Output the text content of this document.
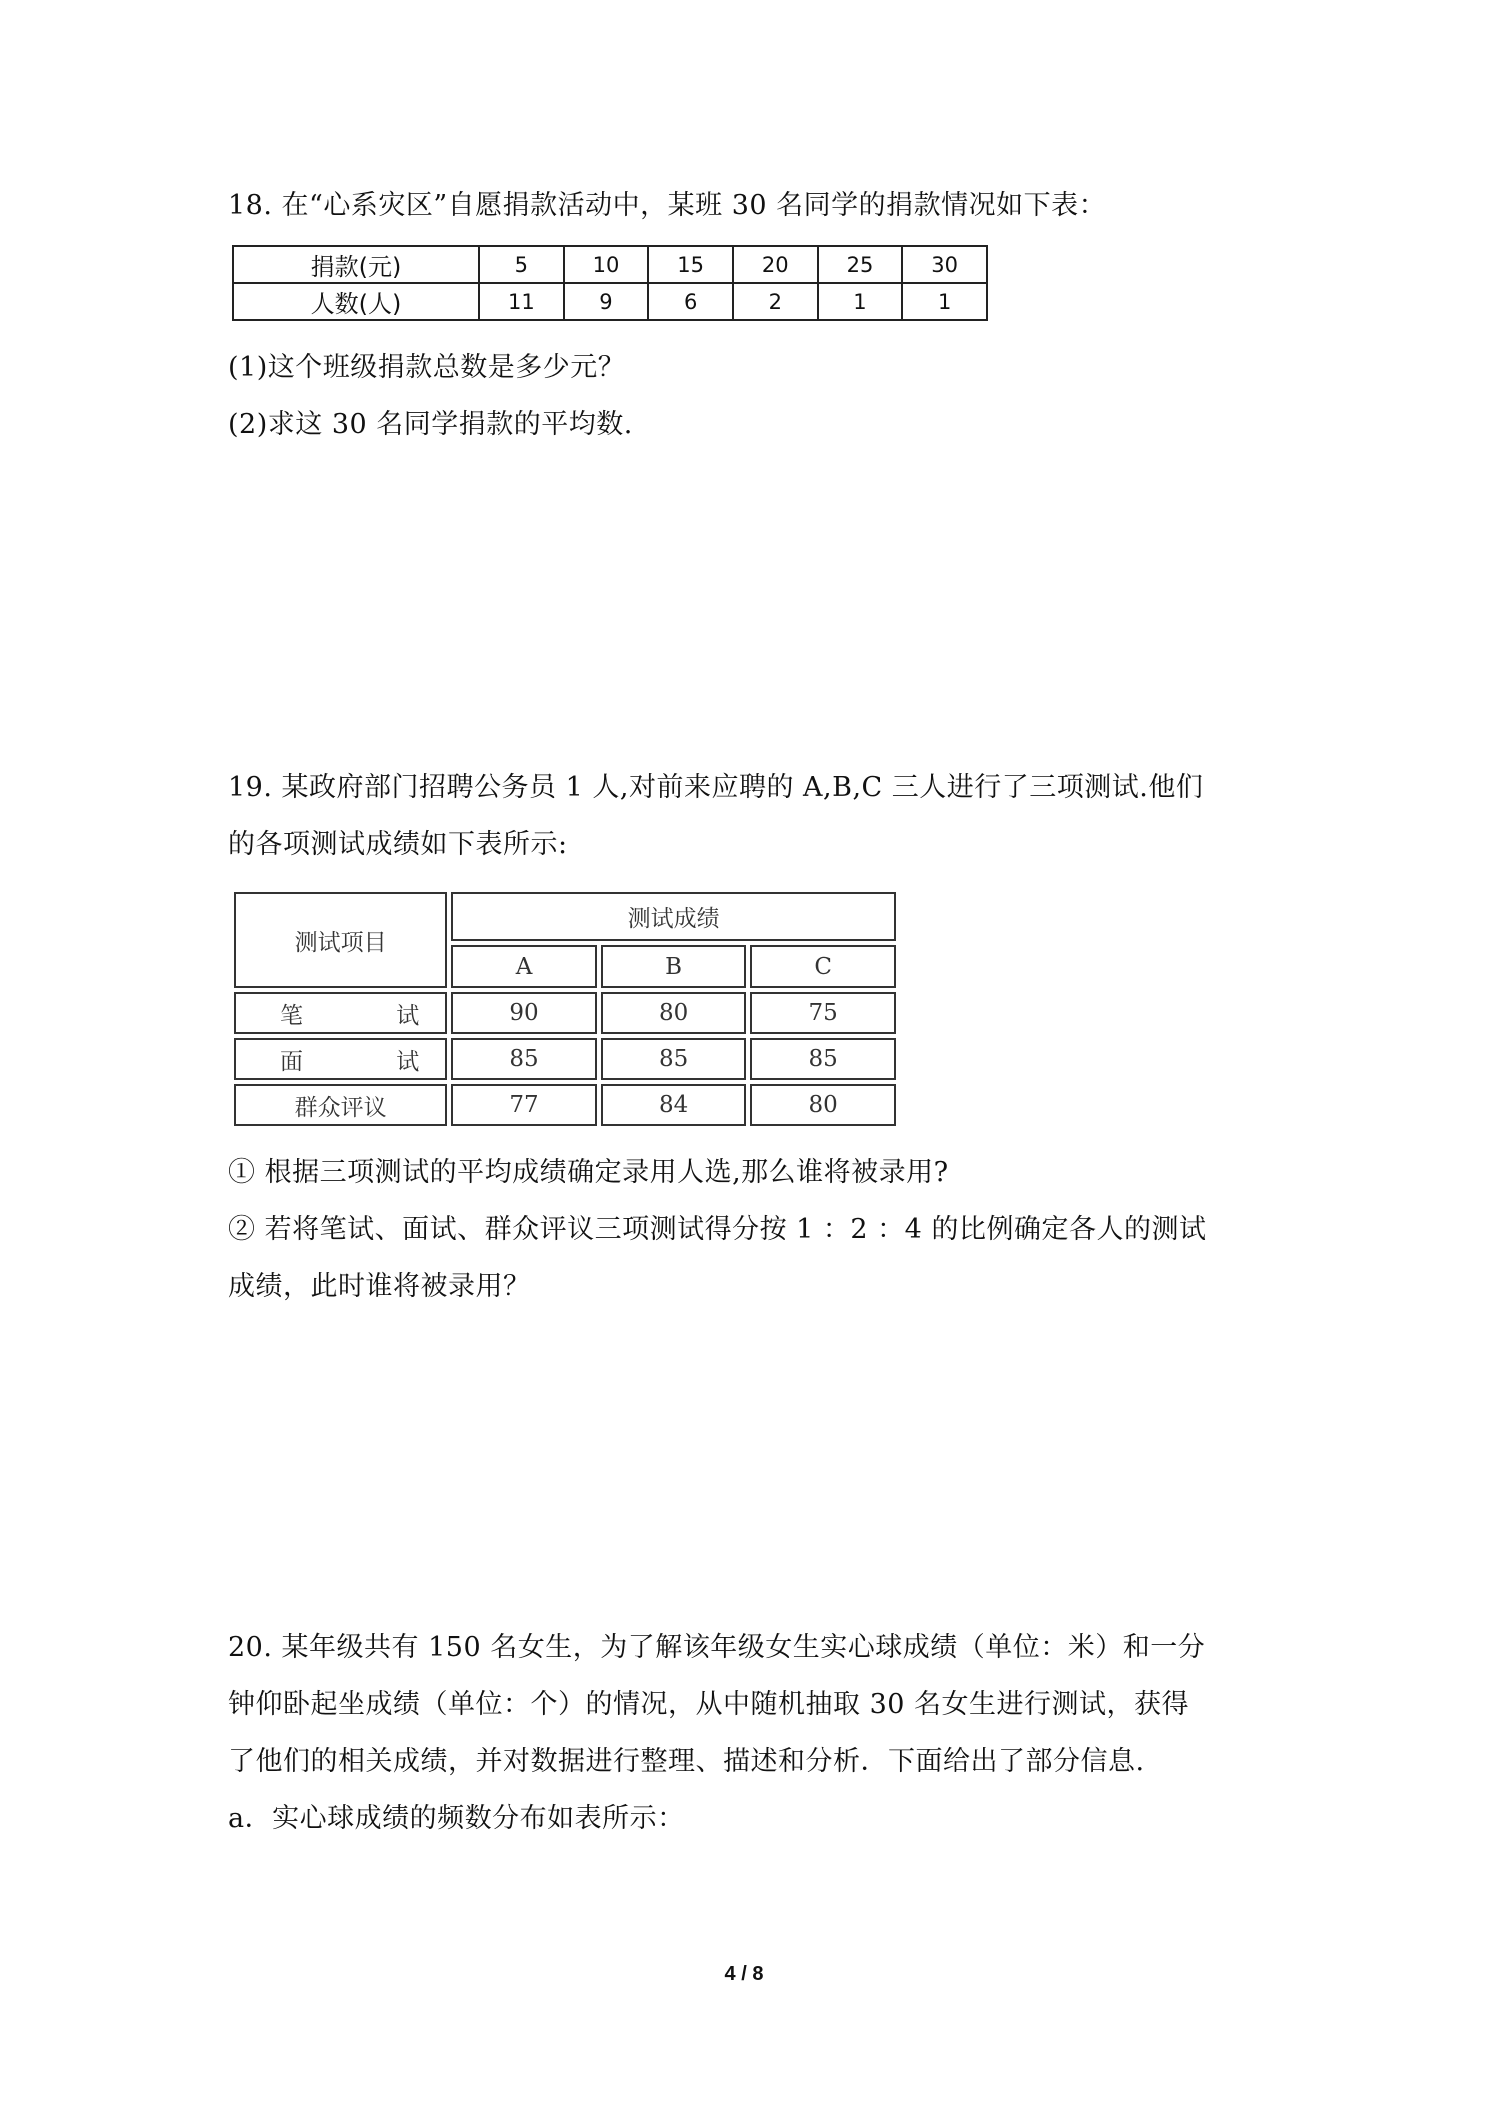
18. 在“心系灾区”自愿捐款活动中，某班 30 名同学的捐款情况如下表：
捐款(元)	5	10	15	20	25	30
人数(人)	11	9	6	2	1	1
(1)这个班级捐款总数是多少元？
(2)求这 30 名同学捐款的平均数.
19. 某政府部门招聘公务员 1 人,对前来应聘的 A,B,C 三人进行了三项测试.他们
的各项测试成绩如下表所示:
测试项目	测试成绩		
	A	B	C

笔 试	90	80	75

面 试	85	85	85
群众评议	77	84	80
① 根据三项测试的平均成绩确定录用人选,那么谁将被录用?
② 若将笔试、面试、群众评议三项测试得分按 1 ：2 ：4 的比例确定各人的测试
成绩，此时谁将被录用？
20. 某年级共有 150 名女生，为了解该年级女生实心球成绩（单位：米）和一分
钟仰卧起坐成绩（单位：个）的情况，从中随机抽取 30 名女生进行测试，获得
了他们的相关成绩，并对数据进行整理、描述和分析．下面给出了部分信息.
a．实心球成绩的频数分布如表所示：
4 / 8
